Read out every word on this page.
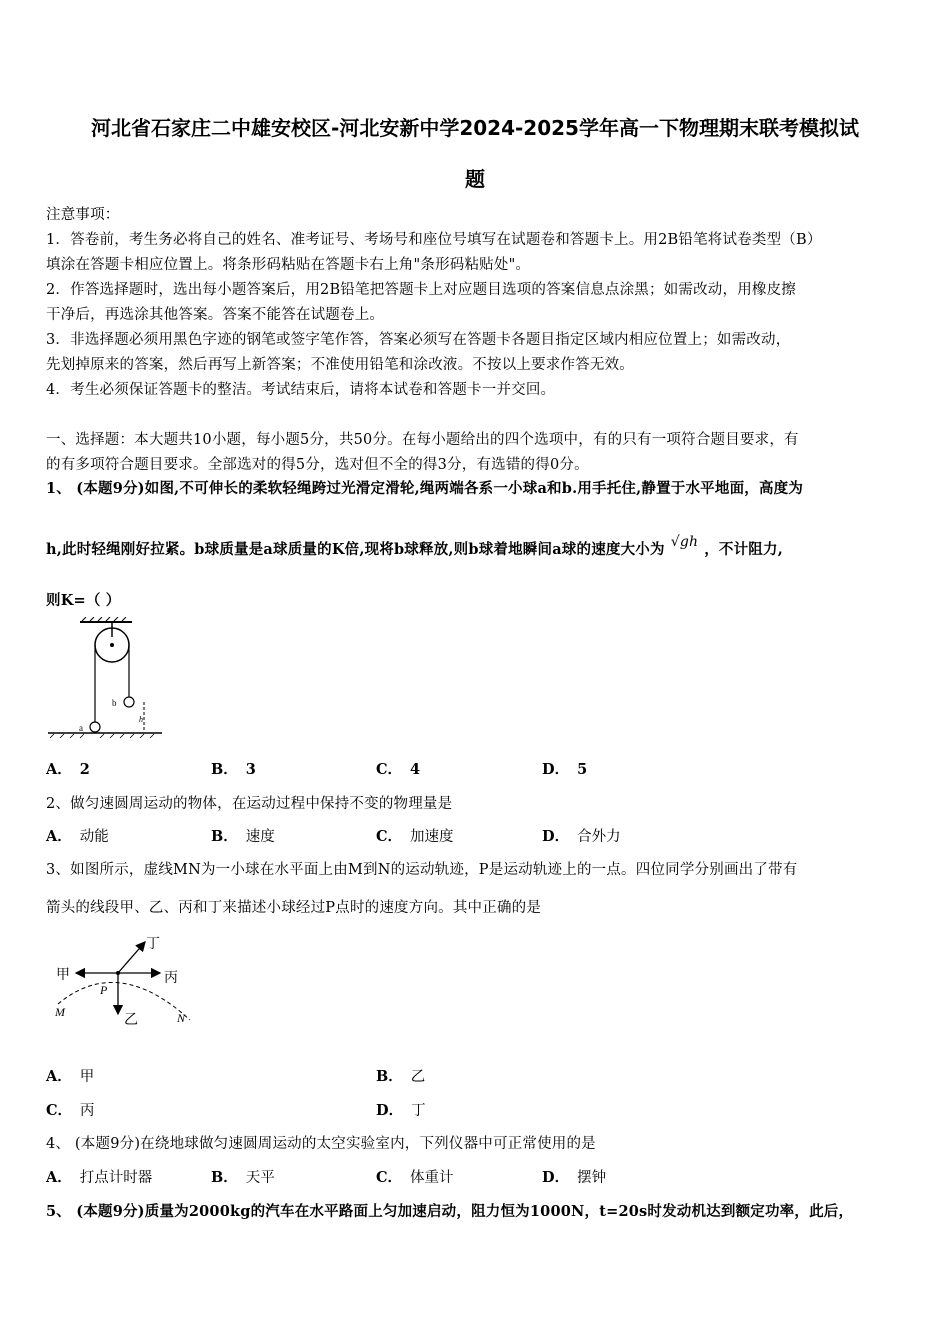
河北省石家庄二中雄安校区-河北安新中学2024-2025学年高一下物理期末联考模拟试
题
注意事项：
1．答卷前，考生务必将自己的姓名、准考证号、考场号和座位号填写在试题卷和答题卡上。用2B铅笔将试卷类型（B）
填涂在答题卡相应位置上。将条形码粘贴在答题卡右上角"条形码粘贴处"。
2．作答选择题时，选出每小题答案后，用2B铅笔把答题卡上对应题目选项的答案信息点涂黑；如需改动，用橡皮擦
干净后，再选涂其他答案。答案不能答在试题卷上。
3．非选择题必须用黑色字迹的钢笔或签字笔作答，答案必须写在答题卡各题目指定区域内相应位置上；如需改动，
先划掉原来的答案，然后再写上新答案；不准使用铅笔和涂改液。不按以上要求作答无效。
4．考生必须保证答题卡的整洁。考试结束后，请将本试卷和答题卡一并交回。
一、选择题：本大题共10小题，每小题5分，共50分。在每小题给出的四个选项中，有的只有一项符合题目要求，有
的有多项符合题目要求。全部选对的得5分，选对但不全的得3分，有选错的得0分。
1、 (本题9分)如图,不可伸长的柔软轻绳跨过光滑定滑轮,绳两端各系一小球a和b.用手托住,静置于水平地面，高度为
h,此时轻绳刚好拉紧。b球质量是a球质量的K倍,现将b球释放,则b球着地瞬间a球的速度大小为 √gh ，不计阻力,
则K=（ ）
b
a
h
A． 2	B． 3	C． 4	D． 5
2、做匀速圆周运动的物体，在运动过程中保持不变的物理量是
A． 动能	B． 速度	C． 加速度	D． 合外力
3、如图所示，虚线MN为一小球在水平面上由M到N的运动轨迹，P是运动轨迹上的一点。四位同学分别画出了带有
箭头的线段甲、乙、丙和丁来描述小球经过P点时的速度方向。其中正确的是
甲	丙
乙
丁
P
M	N
A． 甲	B． 乙
C． 丙	D． 丁
4、 (本题9分)在绕地球做匀速圆周运动的太空实验室内，下列仪器中可正常使用的是
A． 打点计时器	B． 天平	C． 体重计	D． 摆钟
5、 (本题9分)质量为2000kg的汽车在水平路面上匀加速启动，阻力恒为1000N，t=20s时发动机达到额定功率，此后，
